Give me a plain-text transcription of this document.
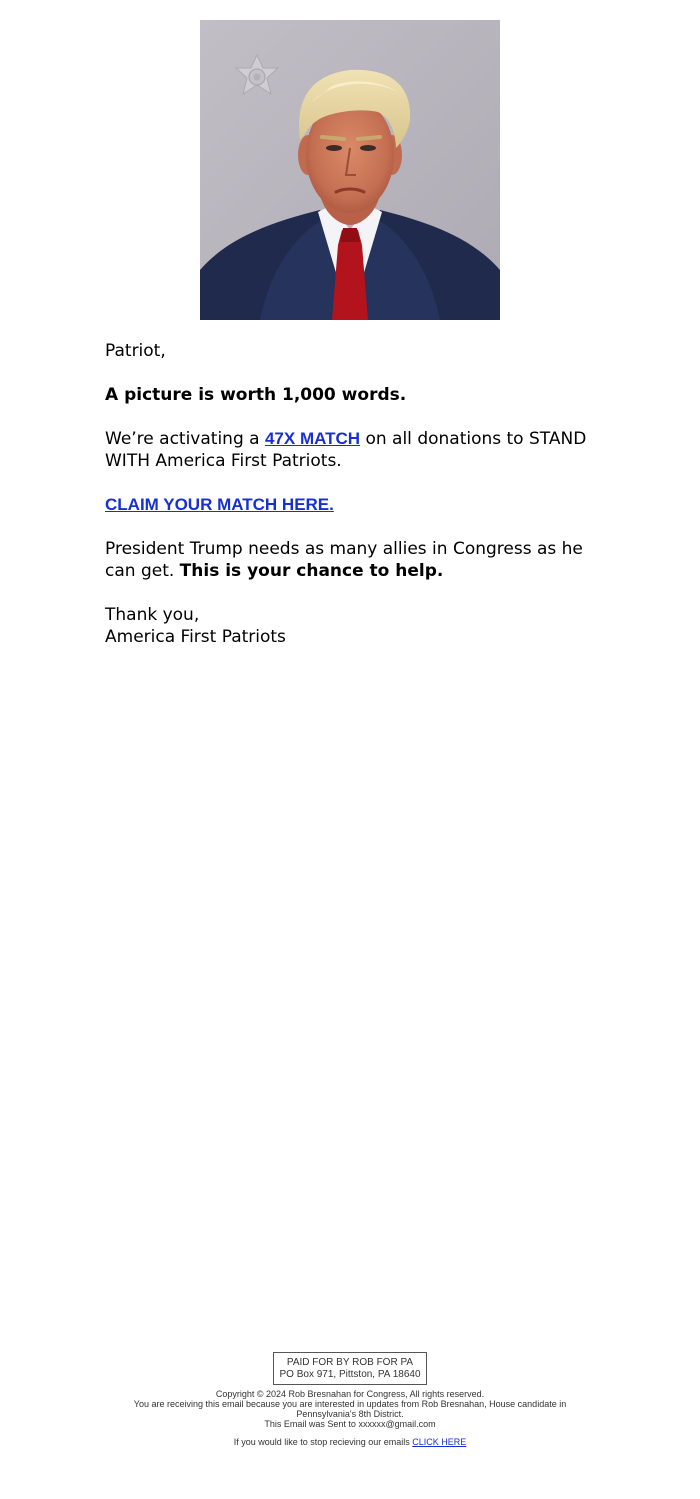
Patriot,

A picture is worth 1,000 words.

We’re activating a 47X MATCH on all donations to STAND WITH America First Patriots.

CLAIM YOUR MATCH HERE.

President Trump needs as many allies in Congress as he can get. This is your chance to help.

Thank you,

America First Patriots

PAID FOR BY ROB FOR PA
PO Box 971, Pittston, PA 18640
Copyright © 2024 Rob Bresnahan for Congress, All rights reserved.
You are receiving this email because you are interested in updates from Rob Bresnahan, House candidate in Pennsylvania's 8th District.
This Email was Sent to xxxxxx@gmail.com
If you would like to stop recieving our emails CLICK HERE
